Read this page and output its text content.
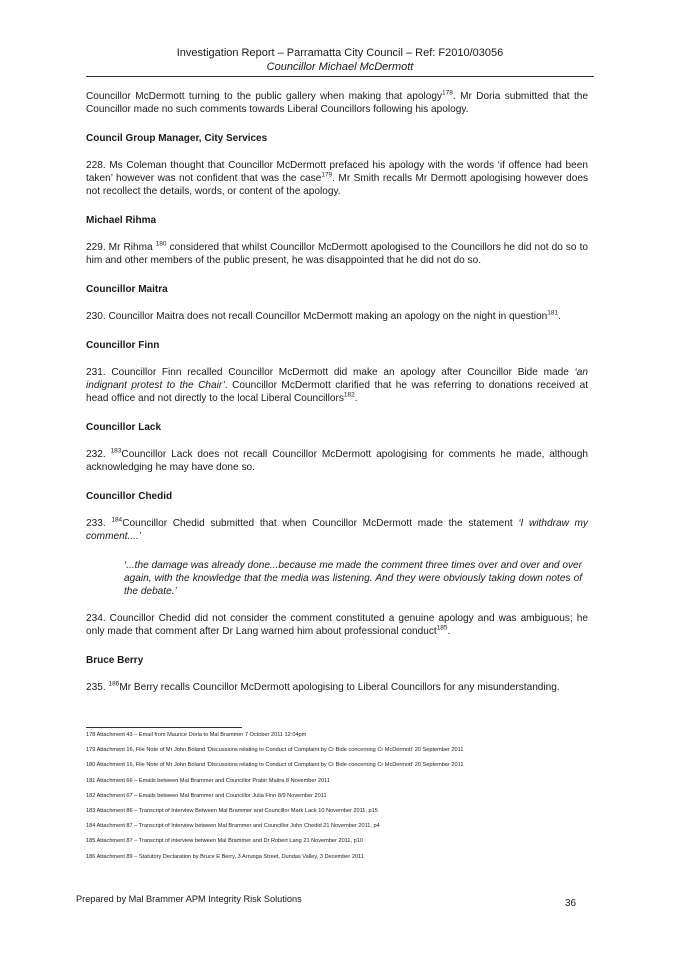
Investigation Report – Parramatta City Council – Ref: F2010/03056
Councillor Michael McDermott

Councillor McDermott turning to the public gallery when making that apology$^{178}$. Mr Doria submitted that the Councillor made no such comments towards Liberal Councillors following his apology.

Council Group Manager, City Services

228. Ms Coleman thought that Councillor McDermott prefaced his apology with the words ‘if offence had been taken’ however was not confident that was the case$^{179}$. Mr Smith recalls Mr Dermott apologising however does not recollect the details, words, or content of the apology.

Michael Rihma

229. Mr Rihma $^{180}$ considered that whilst Councillor McDermott apologised to the Councillors he did not do so to him and other members of the public present, he was disappointed that he did not do so.

Councillor Maitra

230. Councillor Maitra does not recall Councillor McDermott making an apology on the night in question$^{181}$.

Councillor Finn

231. Councillor Finn recalled Councillor McDermott did make an apology after Councillor Bide made ‘an indignant protest to the Chair’. Councillor McDermott clarified that he was referring to donations received at head office and not directly to the local Liberal Councillors$^{182}$.

Councillor Lack

232. $^{183}$Councillor Lack does not recall Councillor McDermott apologising for comments he made, although acknowledging he may have done so.

Councillor Chedid

233. $^{184}$Councillor Chedid submitted that when Councillor McDermott made the statement ‘I withdraw my comment....’

‘...the damage was already done...because me made the comment three times over and over and over again, with the knowledge that the media was listening. And they were obviously taking down notes of the debate.’

234. Councillor Chedid did not consider the comment constituted a genuine apology and was ambiguous; he only made that comment after Dr Lang warned him about professional conduct$^{185}$.

Bruce Berry

235. $^{186}$Mr Berry recalls Councillor McDermott apologising to Liberal Councillors for any misunderstanding.

178 Attachment 43 – Email from Maurice Doria to Mal Brammer 7 October 2011 12:04pm
179 Attachment 16, File Note of Mr John Boland ‘Discussions relating to Conduct of Complaint by Cr Bide concerning Cr McDermott’ 20 September 2011
180 Attachment 16, File Note of Mr John Boland ‘Discussions relating to Conduct of Complaint by Cr Bide concerning Cr McDermott’ 20 September 2011
181 Attachment 66 – Emails between Mal Brammer and Councillor Prabir Maitra 8 November 2011
182 Attachment 67 – Emails between Mal Brammer and Councillor Julia Finn 8/9 November 2011
183 Attachment 86 – Transcript of Interview Between Mal Brammer and Councillor Mark Lack 10 November 2011, p15
184 Attachment 87 – Transcript of Interview between Mal Brammer and Councillor John Chedid 21 November 2011, p4
185 Attachment 87 – Transcript of interview between Mal Brammer and Dr Robert Lang 21 November 2011, p10
186 Attachment 89 – Statutory Declaration by Bruce E Berry, 3 Arrunga Street, Dundas Valley, 3 December 2011
Prepared by Mal Brammer APM Integrity Risk Solutions	36
